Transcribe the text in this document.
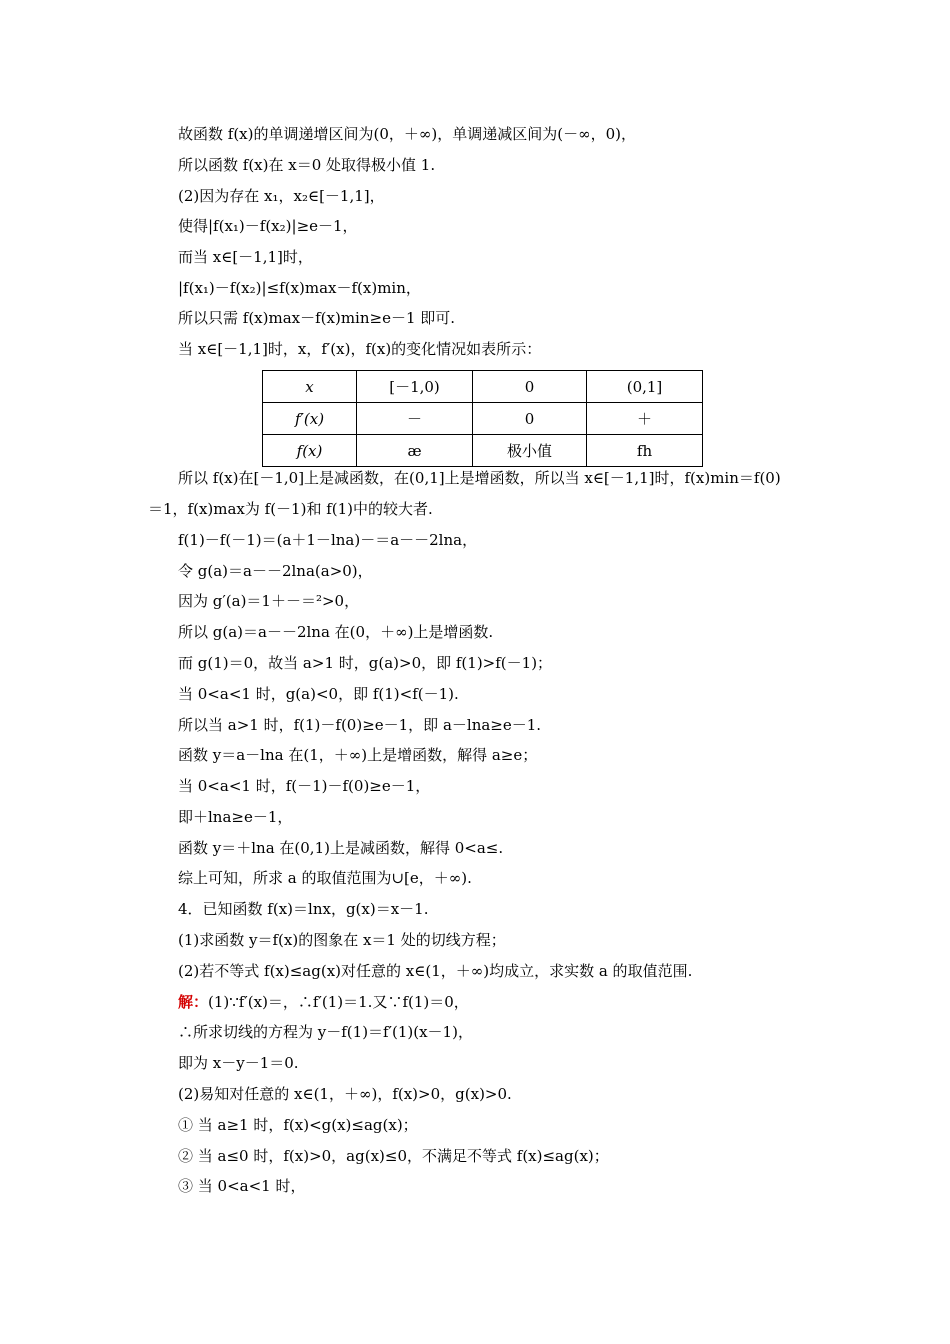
故函数 f(x)的单调递增区间为(0，＋∞)，单调递减区间为(－∞，0)，
所以函数 f(x)在 x＝0 处取得极小值 1.
(2)因为存在 x₁，x₂∈[－1,1]，
使得|f(x₁)－f(x₂)|≥e－1，
而当 x∈[－1,1]时，
|f(x₁)－f(x₂)|≤f(x)max－f(x)min，
所以只需 f(x)max－f(x)min≥e－1 即可.
当 x∈[－1,1]时，x，f′(x)，f(x)的变化情况如表所示：
x	[－1,0)	0	(0,1]
f′(x)	－	0	＋
f(x)	æ	极小值	fh
所以 f(x)在[－1,0]上是减函数，在(0,1]上是增函数，所以当 x∈[－1,1]时，f(x)min＝f(0)
＝1，f(x)max为 f(－1)和 f(1)中的较大者.
f(1)－f(－1)＝(a＋1－lna)－＝a－－2lna，
令 g(a)＝a－－2lna(a>0)，
因为 g′(a)＝1＋－＝²>0，
所以 g(a)＝a－－2lna 在(0，＋∞)上是增函数.
而 g(1)＝0，故当 a>1 时，g(a)>0，即 f(1)>f(－1)；
当 0<a<1 时，g(a)<0，即 f(1)<f(－1).
所以当 a>1 时，f(1)－f(0)≥e－1，即 a－lna≥e－1.
函数 y＝a－lna 在(1，＋∞)上是增函数，解得 a≥e；
当 0<a<1 时，f(－1)－f(0)≥e－1，
即＋lna≥e－1，
函数 y＝＋lna 在(0,1)上是减函数，解得 0<a≤.
综上可知，所求 a 的取值范围为∪[e，＋∞).
4．已知函数 f(x)＝lnx，g(x)＝x－1.
(1)求函数 y＝f(x)的图象在 x＝1 处的切线方程；
(2)若不等式 f(x)≤ag(x)对任意的 x∈(1，＋∞)均成立，求实数 a 的取值范围.
解：(1)∵f′(x)＝，∴f′(1)＝1.又∵f(1)＝0，
∴所求切线的方程为 y－f(1)＝f′(1)(x－1)，
即为 x－y－1＝0.
(2)易知对任意的 x∈(1，＋∞)，f(x)>0，g(x)>0.
① 当 a≥1 时，f(x)<g(x)≤ag(x)；
② 当 a≤0 时，f(x)>0，ag(x)≤0，不满足不等式 f(x)≤ag(x)；
③ 当 0<a<1 时，
